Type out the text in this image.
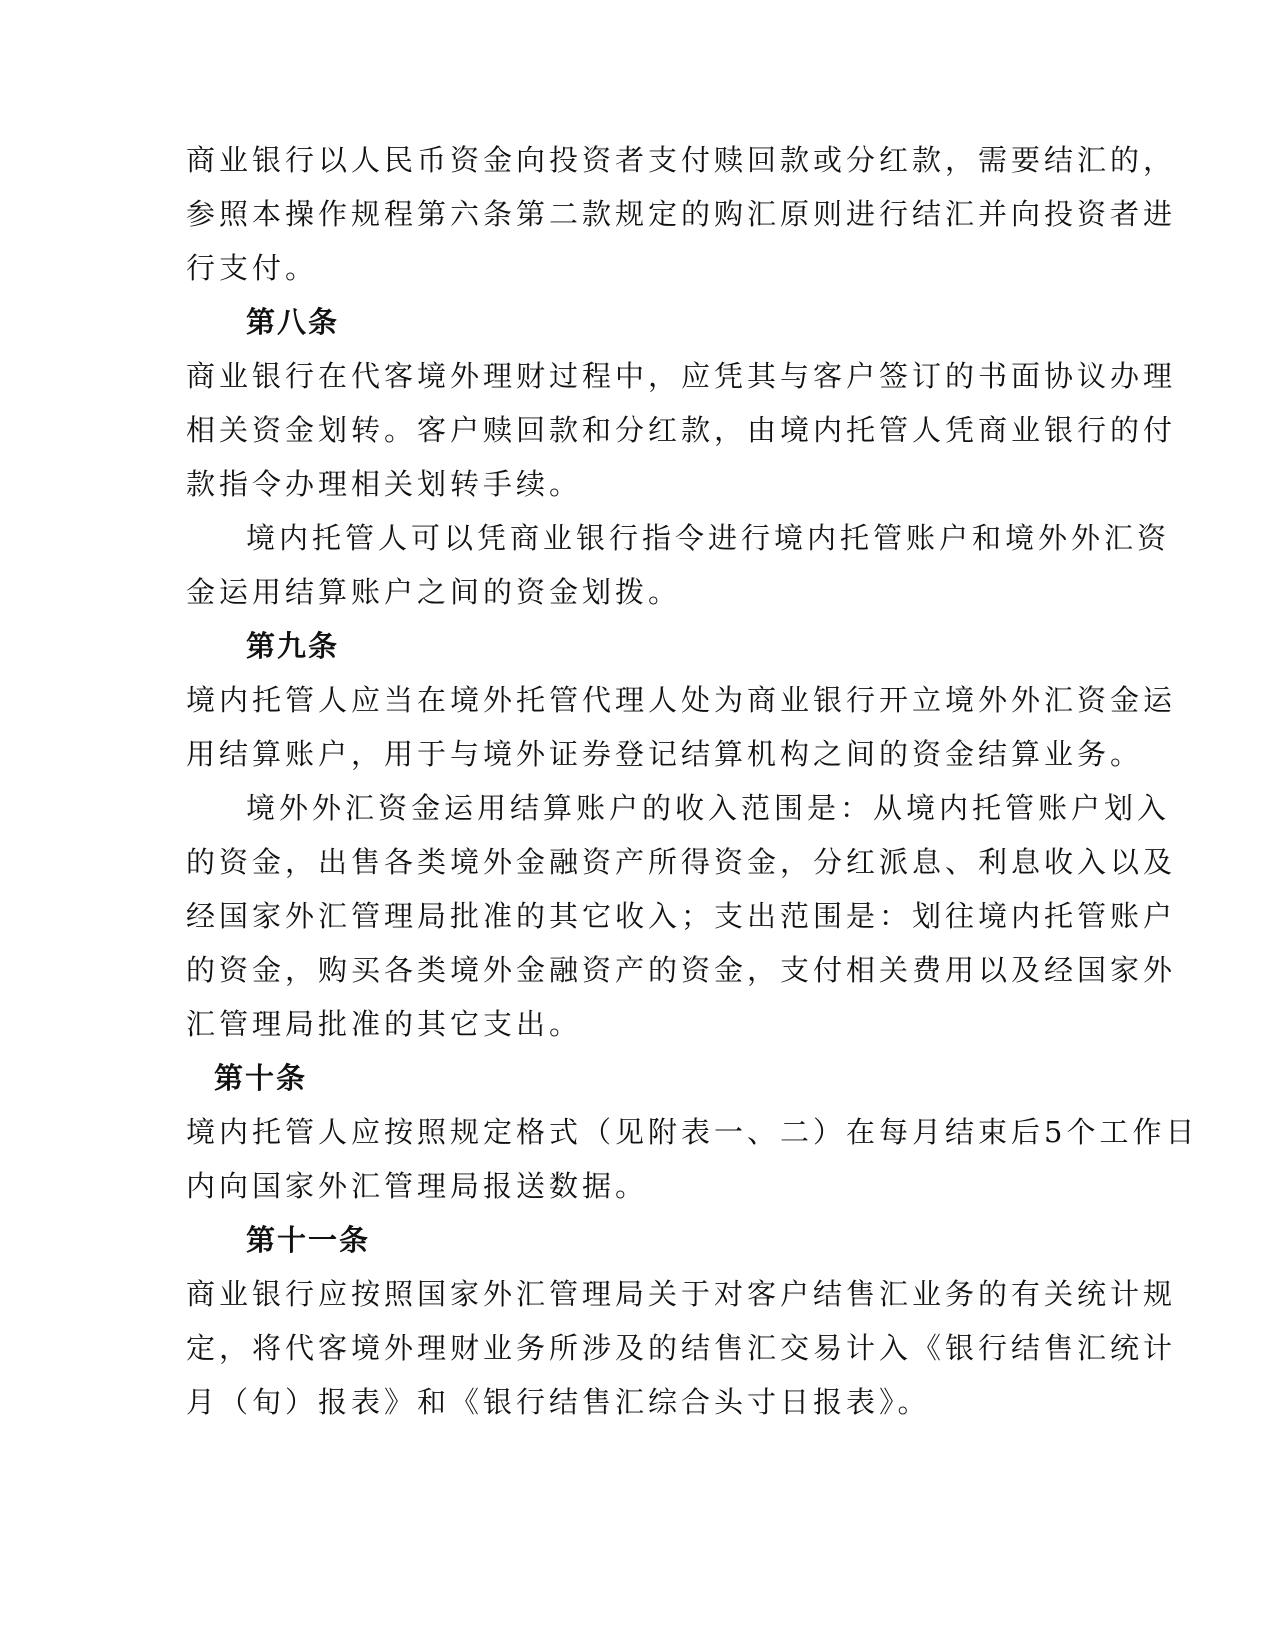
商业银行以人民币资金向投资者支付赎回款或分红款，需要结汇的，
参照本操作规程第六条第二款规定的购汇原则进行结汇并向投资者进
行支付。
第八条
商业银行在代客境外理财过程中，应凭其与客户签订的书面协议办理
相关资金划转。客户赎回款和分红款，由境内托管人凭商业银行的付
款指令办理相关划转手续。
境内托管人可以凭商业银行指令进行境内托管账户和境外外汇资
金运用结算账户之间的资金划拨。
第九条
境内托管人应当在境外托管代理人处为商业银行开立境外外汇资金运
用结算账户，用于与境外证券登记结算机构之间的资金结算业务。
境外外汇资金运用结算账户的收入范围是：从境内托管账户划入
的资金，出售各类境外金融资产所得资金，分红派息、利息收入以及
经国家外汇管理局批准的其它收入；支出范围是：划往境内托管账户
的资金，购买各类境外金融资产的资金，支付相关费用以及经国家外
汇管理局批准的其它支出。
第十条
境内托管人应按照规定格式（见附表一、二）在每月结束后5个工作日
内向国家外汇管理局报送数据。
第十一条
商业银行应按照国家外汇管理局关于对客户结售汇业务的有关统计规
定，将代客境外理财业务所涉及的结售汇交易计入《银行结售汇统计
月（旬）报表》和《银行结售汇综合头寸日报表》。
